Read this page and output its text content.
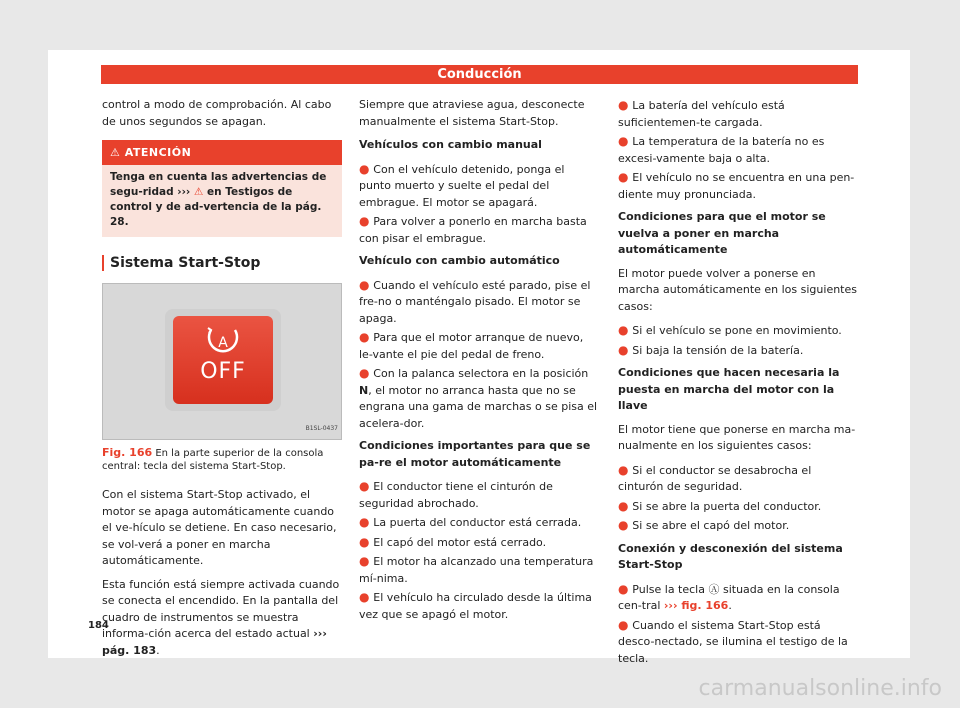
Conducción

control a modo de comprobación. Al cabo de unos segundos se apagan.

⚠ ATENCIÓN
Tenga en cuenta las advertencias de segu-ridad ››› ⚠ en Testigos de control y de ad-vertencia de la pág. 28.
Sistema Start-Stop
A
OFF
B1SL-0437
Fig. 166 En la parte superior de la consola central: tecla del sistema Start-Stop.

Con el sistema Start-Stop activado, el motor se apaga automáticamente cuando el ve-hículo se detiene. En caso necesario, se vol-verá a poner en marcha automáticamente.

Esta función está siempre activada cuando se conecta el encendido. En la pantalla del cuadro de instrumentos se muestra informa-ción acerca del estado actual ››› pág. 183.

Siempre que atraviese agua, desconecte manualmente el sistema Start-Stop.

Vehículos con cambio manual

● Con el vehículo detenido, ponga el punto muerto y suelte el pedal del embrague. El motor se apagará.

● Para volver a ponerlo en marcha basta con pisar el embrague.

Vehículo con cambio automático

● Cuando el vehículo esté parado, pise el fre-no o manténgalo pisado. El motor se apaga.

● Para que el motor arranque de nuevo, le-vante el pie del pedal de freno.

● Con la palanca selectora en la posición N, el motor no arranca hasta que no se engrana una gama de marchas o se pisa el acelera-dor.

Condiciones importantes para que se pa-re el motor automáticamente

● El conductor tiene el cinturón de seguridad abrochado.

● La puerta del conductor está cerrada.

● El capó del motor está cerrado.

● El motor ha alcanzado una temperatura mí-nima.

● El vehículo ha circulado desde la última vez que se apagó el motor.

● La batería del vehículo está suficientemen-te cargada.

● La temperatura de la batería no es excesi-vamente baja o alta.

● El vehículo no se encuentra en una pen-diente muy pronunciada.

Condiciones para que el motor se vuelva a poner en marcha automáticamente

El motor puede volver a ponerse en marcha automáticamente en los siguientes casos:

● Si el vehículo se pone en movimiento.

● Si baja la tensión de la batería.

Condiciones que hacen necesaria la puesta en marcha del motor con la llave

El motor tiene que ponerse en marcha ma-nualmente en los siguientes casos:

● Si el conductor se desabrocha el cinturón de seguridad.

● Si se abre la puerta del conductor.

● Si se abre el capó del motor.

Conexión y desconexión del sistema Start-Stop

● Pulse la tecla Ⓐ situada en la consola cen-tral ››› fig. 166.

● Cuando el sistema Start-Stop está desco-nectado, se ilumina el testigo de la tecla.

184
carmanualsonline.info
